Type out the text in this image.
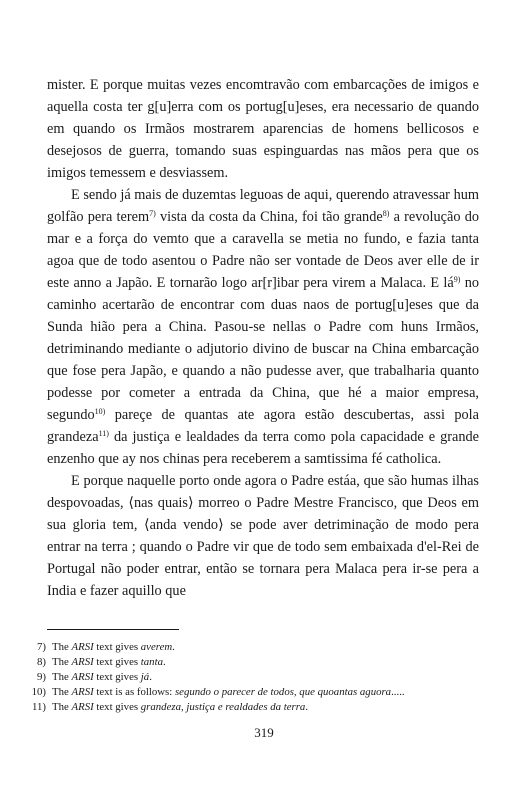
mister. E porque muitas vezes encomtravão com embarcações de imigos e aquella costa ter g[u]erra com os portug[u]eses, era necessario de quando em quando os Irmãos mostrarem aparencias de homens bellicosos e desejosos de guerra, tomando suas espinguardas nas mãos pera que os imigos temessem e desviassem.

E sendo já mais de duzemtas leguoas de aqui, querendo atravessar hum golfão pera terem$^{7)}$ vista da costa da China, foi tão grande$^{8)}$ a revolução do mar e a força do vemto que a caravella se metia no fundo, e fazia tanta agoa que de todo asentou o Padre não ser vontade de Deos aver elle de ir este anno a Japão. E tornarão logo ar[r]ibar pera virem a Malaca. E $lá^{9)}$ no caminho acertarão de encontrar com duas naos de portug[u]eses que da Sunda hião pera a China. Pasou-se nellas o Padre com huns Irmãos, detriminando mediante o adjutorio divino de buscar na China embarcação que fose pera Japão, e quando a não pudesse aver, que trabalharia quanto podesse por cometer a entrada da China, que hé a maior empresa, segundo$^{10)}$ pareçe de quantas ate agora estão descubertas, assi pola grandeza$^{11)}$ da justiça e lealdades da terra como pola capacidade e grande enzenho que ay nos chinas pera receberem a samtissima fé catholica.

E porque naquelle porto onde agora o Padre estáa, que são humas ilhas despovoadas, ⟨nas quais⟩ morreo o Padre Mestre Francisco, que Deos em sua gloria tem, ⟨anda vendo⟩ se pode aver detriminação de modo pera entrar na terra ; quando o Padre vir que de todo sem embaixada d'el-Rei de Portugal não poder entrar, então se tornara pera Malaca pera ir-se pera a India e fazer aquillo que

7) The ARSI text gives averem.
8) The ARSI text gives tanta.
9) The ARSI text gives já.
10) The ARSI text is as follows: segundo o parecer de todos, que quoantas aguora.....
11) The ARSI text gives grandeza, justiça e realdades da terra.
319
